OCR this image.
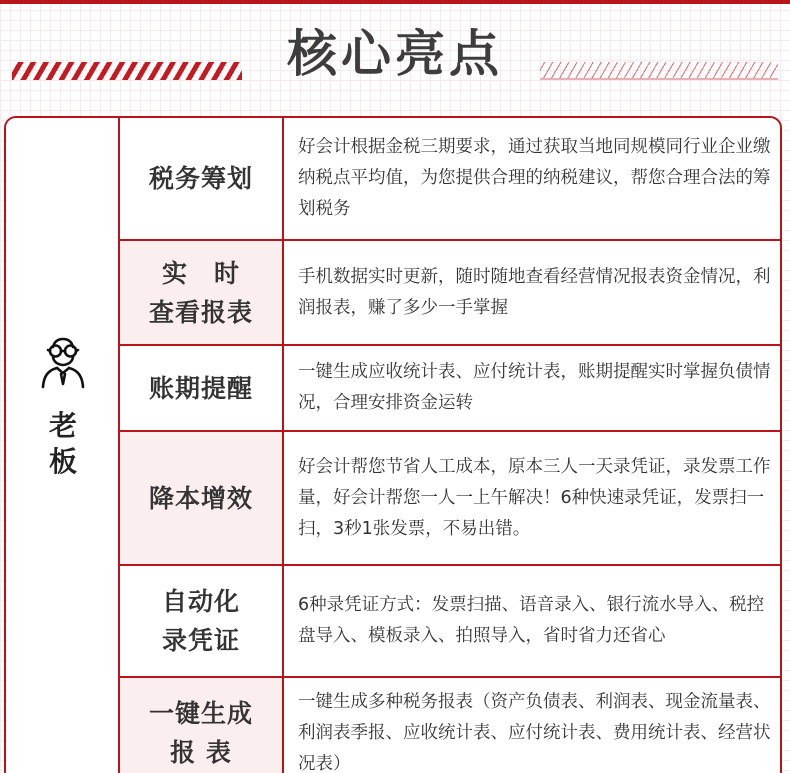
核心亮点
老
板
税务筹划
好会计根据金税三期要求，通过获取当地同规模同行业企业缴纳税点平均值，为您提供合理的纳税建议，帮您合理合法的筹划税务
实　时
查看报表
手机数据实时更新，随时随地查看经营情况报表资金情况，利润报表，赚了多少一手掌握
账期提醒
一键生成应收统计表、应付统计表，账期提醒实时掌握负债情况，合理安排资金运转
降本增效
好会计帮您节省人工成本，原本三人一天录凭证，录发票工作量，好会计帮您一人一上午解决！6种快速录凭证，发票扫一扫，3秒1张发票，不易出错。
自动化
录凭证
6种录凭证方式：发票扫描、语音录入、银行流水导入、税控盘导入、模板录入、拍照导入，省时省力还省心
一键生成
报 表
一键生成多种税务报表（资产负债表、利润表、现金流量表、利润表季报、应收统计表、应付统计表、费用统计表、经营状况表）
